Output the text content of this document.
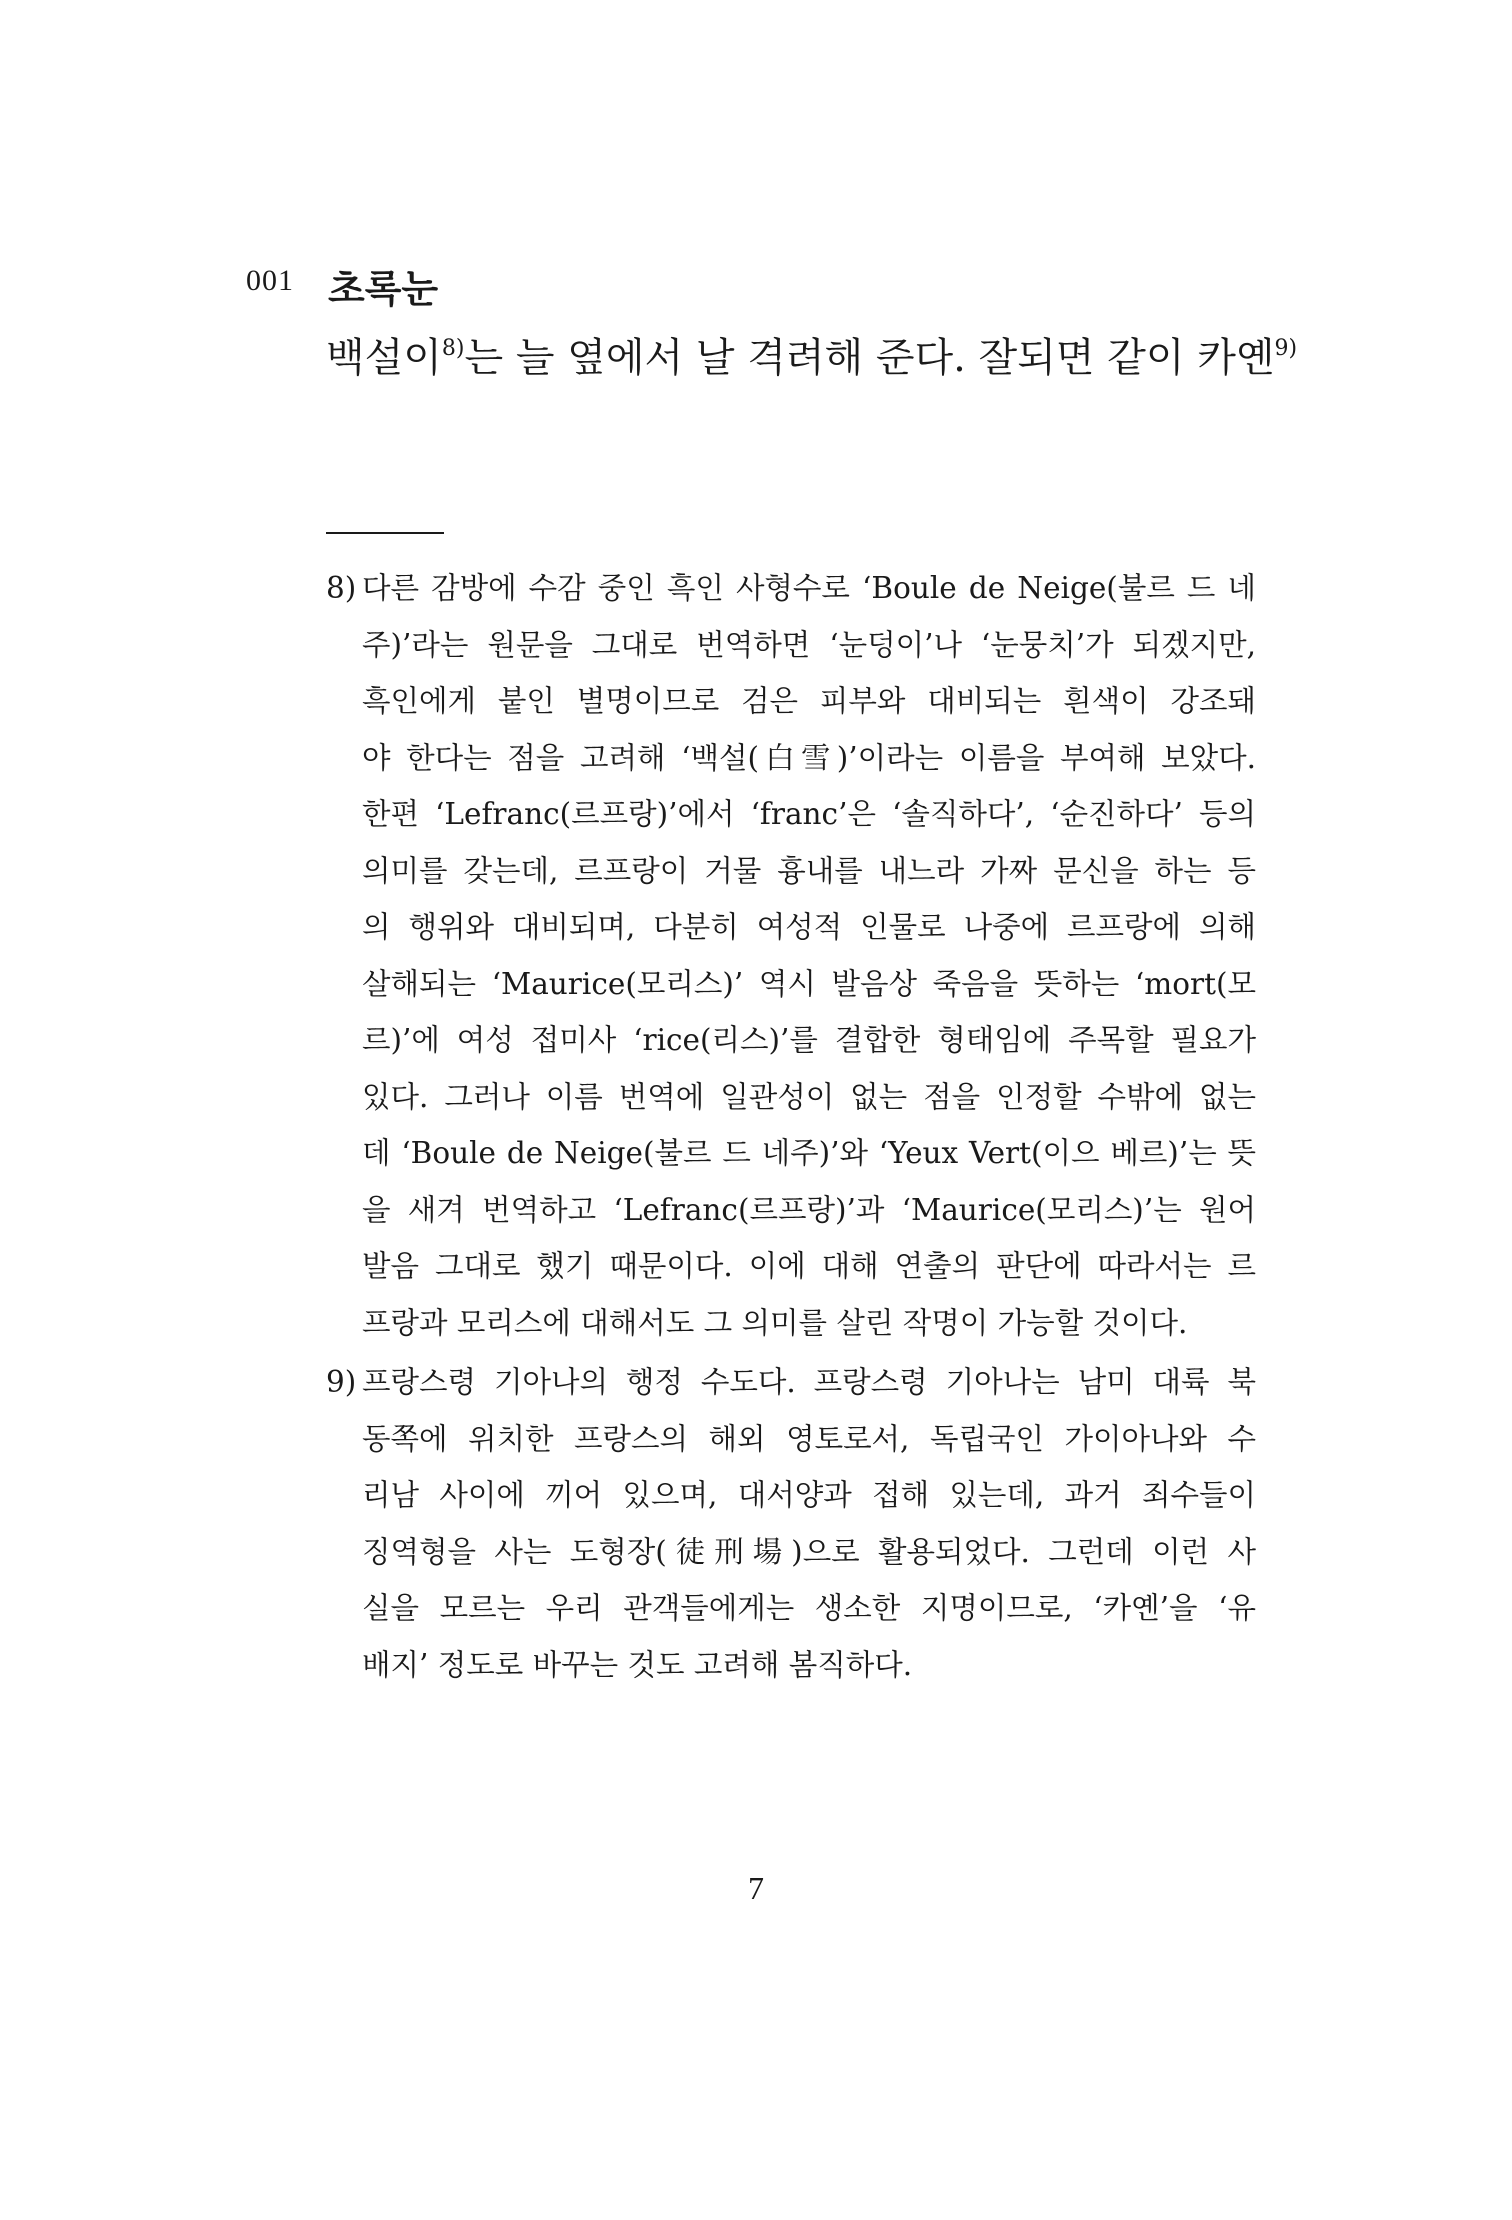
001 초록눈
백설이$^{8)}$는 늘 옆에서 날 격려해 준다. 잘되면 같이 카옌$^{9)}$
8) 다른 감방에 수감 중인 흑인 사형수로 ‘Boule de Neige(불르 드 네
주)’라는 원문을 그대로 번역하면 ‘눈덩이’나 ‘눈뭉치’가 되겠지만,
흑인에게 붙인 별명이므로 검은 피부와 대비되는 흰색이 강조돼
야 한다는 점을 고려해 ‘백설(白雪)’이라는 이름을 부여해 보았다.
한편 ‘Lefranc(르프랑)’에서 ‘franc’은 ‘솔직하다’, ‘순진하다’ 등의
의미를 갖는데, 르프랑이 거물 흉내를 내느라 가짜 문신을 하는 등
의 행위와 대비되며, 다분히 여성적 인물로 나중에 르프랑에 의해
살해되는 ‘Maurice(모리스)’ 역시 발음상 죽음을 뜻하는 ‘mort(모
르)’에 여성 접미사 ‘rice(리스)’를 결합한 형태임에 주목할 필요가
있다. 그러나 이름 번역에 일관성이 없는 점을 인정할 수밖에 없는
데 ‘Boule de Neige(불르 드 네주)’와 ‘Yeux Vert(이으 베르)’는 뜻
을 새겨 번역하고 ‘Lefranc(르프랑)’과 ‘Maurice(모리스)’는 원어
발음 그대로 했기 때문이다. 이에 대해 연출의 판단에 따라서는 르
프랑과 모리스에 대해서도 그 의미를 살린 작명이 가능할 것이다.
9) 프랑스령 기아나의 행정 수도다. 프랑스령 기아나는 남미 대륙 북
동쪽에 위치한 프랑스의 해외 영토로서, 독립국인 가이아나와 수
리남 사이에 끼어 있으며, 대서양과 접해 있는데, 과거 죄수들이
징역형을 사는 도형장(徒刑場)으로 활용되었다. 그런데 이런 사
실을 모르는 우리 관객들에게는 생소한 지명이므로, ‘카옌’을 ‘유
배지’ 정도로 바꾸는 것도 고려해 봄직하다.
7
